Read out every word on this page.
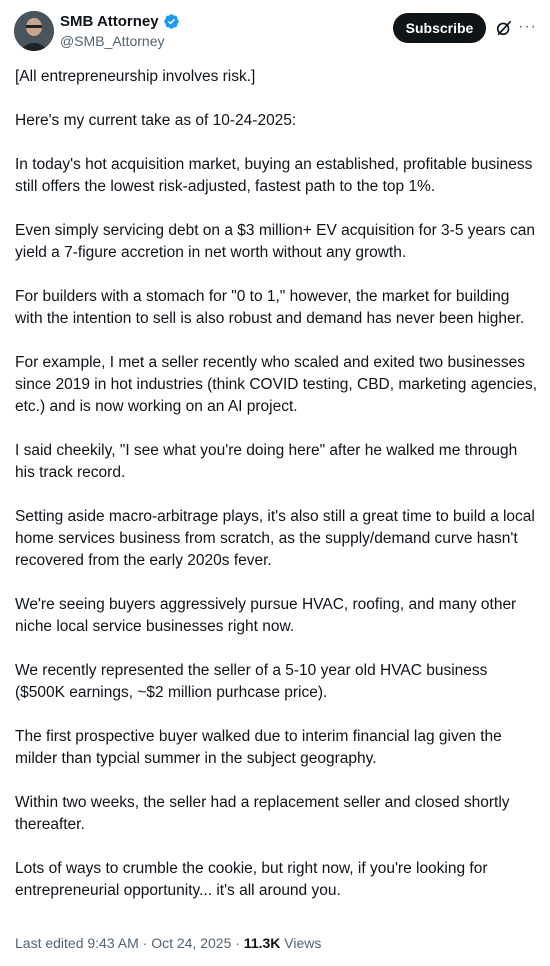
SMB Attorney
@SMB_Attorney
Subscribe	···

[All entrepreneurship involves risk.]

Here's my current take as of 10-24-2025:

In today's hot acquisition market, buying an established, profitable business still offers the lowest risk-adjusted, fastest path to the top 1%.

Even simply servicing debt on a $3 million+ EV acquisition for 3-5 years can yield a 7-figure accretion in net worth without any growth.

For builders with a stomach for "0 to 1," however, the market for building with the intention to sell is also robust and demand has never been higher.

For example, I met a seller recently who scaled and exited two businesses since 2019 in hot industries (think COVID testing, CBD, marketing agencies, etc.) and is now working on an AI project.

I said cheekily, "I see what you're doing here" after he walked me through his track record.

Setting aside macro-arbitrage plays, it's also still a great time to build a local home services business from scratch, as the supply/demand curve hasn't recovered from the early 2020s fever.

We're seeing buyers aggressively pursue HVAC, roofing, and many other niche local service businesses right now.

We recently represented the seller of a 5-10 year old HVAC business ($500K earnings, ~$2 million purhcase price).

The first prospective buyer walked due to interim financial lag given the milder than typcial summer in the subject geography.

Within two weeks, the seller had a replacement seller and closed shortly thereafter.

Lots of ways to crumble the cookie, but right now, if you're looking for entrepreneurial opportunity... it's all around you.

Last edited 9:43 AM · Oct 24, 2025 · 11.3K Views
